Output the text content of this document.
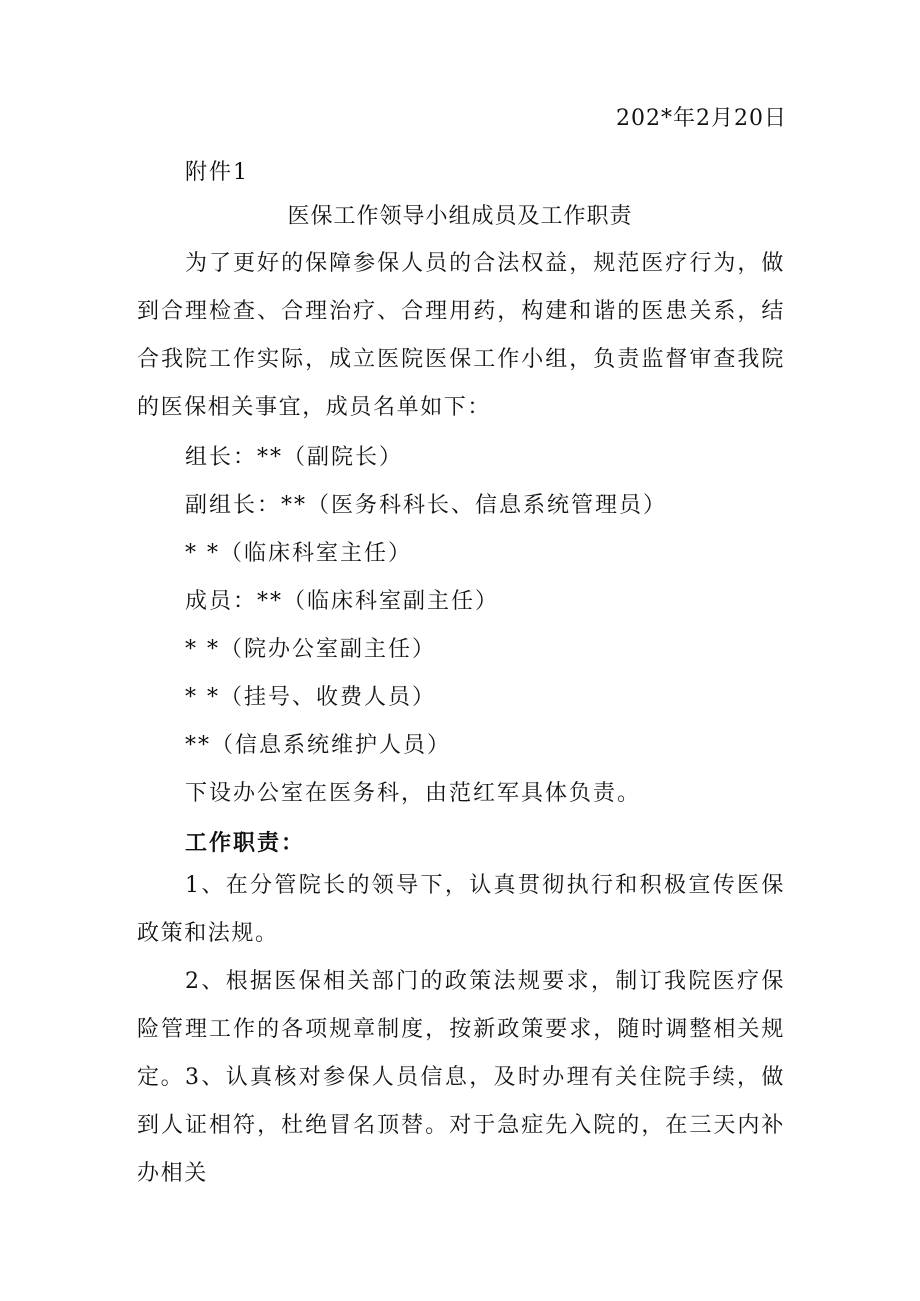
202*年2月20日
附件1
医保工作领导小组成员及工作职责
为了更好的保障参保人员的合法权益，规范医疗行为，做到合理检查、合理治疗、合理用药，构建和谐的医患关系，结合我院工作实际，成立医院医保工作小组，负责监督审查我院的医保相关事宜，成员名单如下：
组长：**（副院长）
副组长：**（医务科科长、信息系统管理员）
* *（临床科室主任）
成员：**（临床科室副主任）
* *（院办公室副主任）
* *（挂号、收费人员）
**（信息系统维护人员）
下设办公室在医务科，由范红军具体负责。
工作职责：
1、在分管院长的领导下，认真贯彻执行和积极宣传医保政策和法规。
2、根据医保相关部门的政策法规要求，制订我院医疗保险管理工作的各项规章制度，按新政策要求，随时调整相关规定。 3、认真核对参保人员信息，及时办理有关住院手续，做到人证相符，杜绝冒名顶替。对于急症先入院的，在三天内补办相关
